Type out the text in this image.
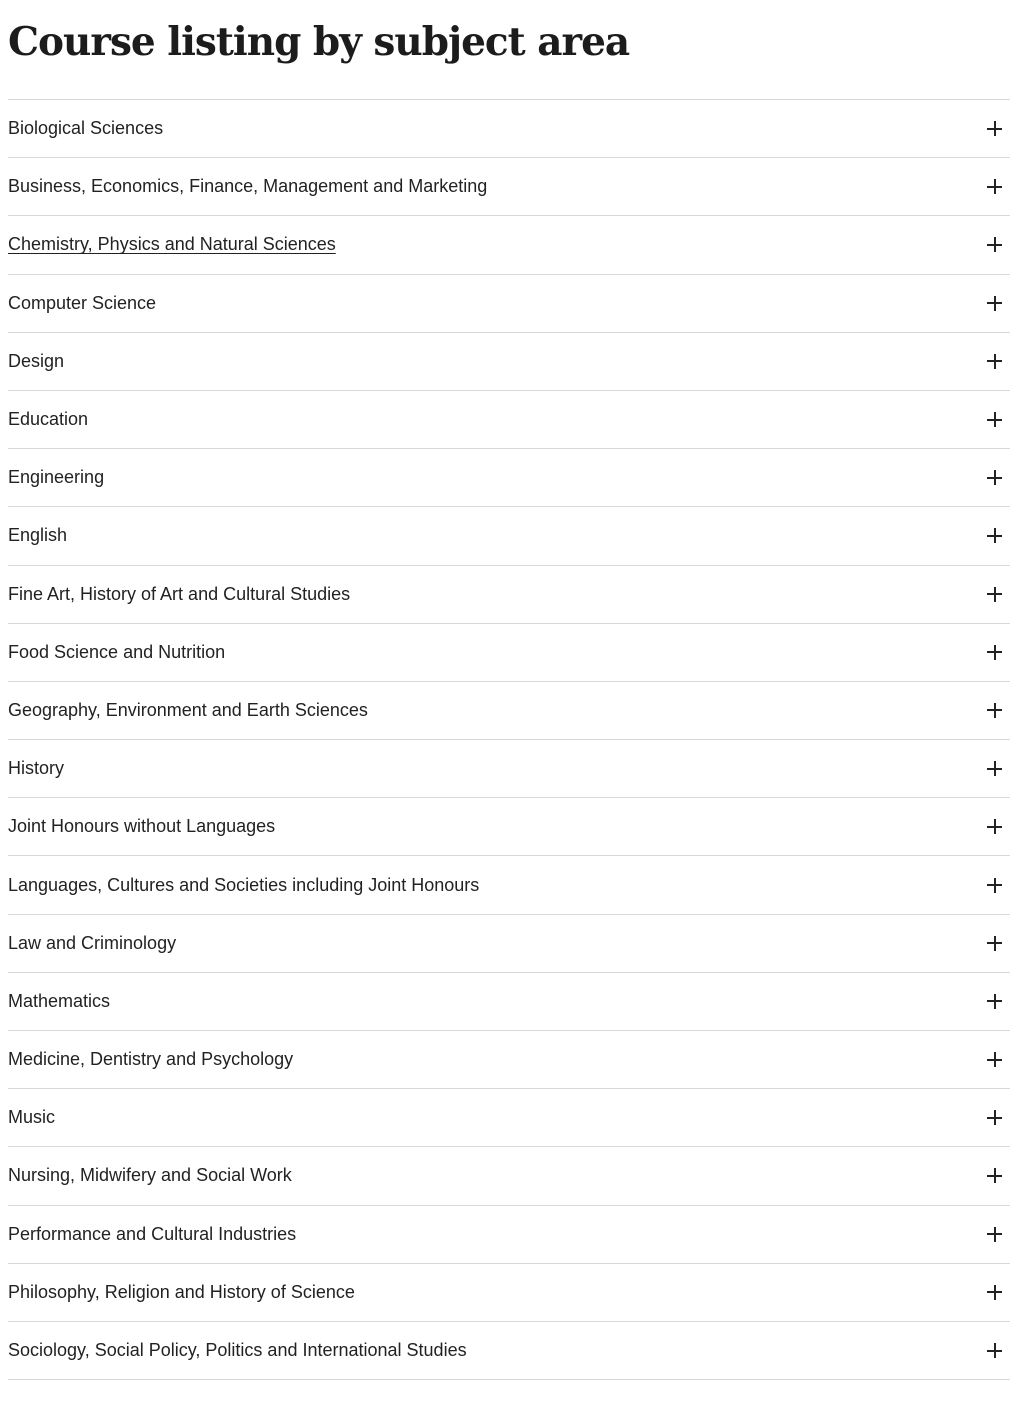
Course listing by subject area
Biological Sciences
Business, Economics, Finance, Management and Marketing
Chemistry, Physics and Natural Sciences
Computer Science
Design
Education
Engineering
English
Fine Art, History of Art and Cultural Studies
Food Science and Nutrition
Geography, Environment and Earth Sciences
History
Joint Honours without Languages
Languages, Cultures and Societies including Joint Honours
Law and Criminology
Mathematics
Medicine, Dentistry and Psychology
Music
Nursing, Midwifery and Social Work
Performance and Cultural Industries
Philosophy, Religion and History of Science
Sociology, Social Policy, Politics and International Studies
